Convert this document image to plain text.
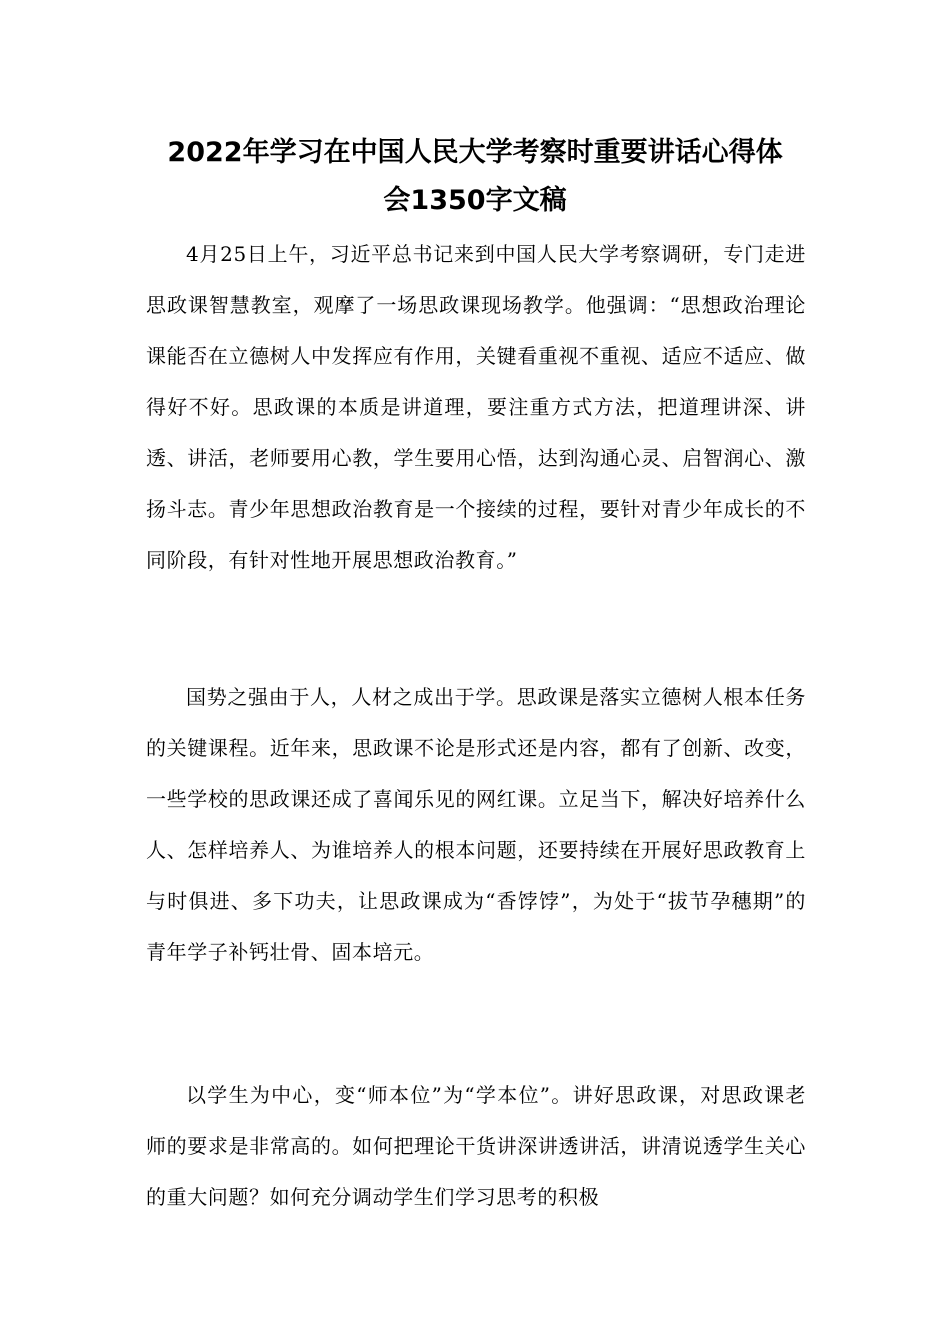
2022年学习在中国人民大学考察时重要讲话心得体
会1350字文稿

4月25日上午，习近平总书记来到中国人民大学考察调研，专门走进思政课智慧教室，观摩了一场思政课现场教学。他强调：“思想政治理论课能否在立德树人中发挥应有作用，关键看重视不重视、适应不适应、做得好不好。思政课的本质是讲道理，要注重方式方法，把道理讲深、讲透、讲活，老师要用心教，学生要用心悟，达到沟通心灵、启智润心、激扬斗志。青少年思想政治教育是一个接续的过程，要针对青少年成长的不同阶段，有针对性地开展思想政治教育。”

国势之强由于人，人材之成出于学。思政课是落实立德树人根本任务的关键课程。近年来，思政课不论是形式还是内容，都有了创新、改变，一些学校的思政课还成了喜闻乐见的网红课。立足当下，解决好培养什么人、怎样培养人、为谁培养人的根本问题，还要持续在开展好思政教育上与时俱进、多下功夫，让思政课成为“香饽饽”，为处于“拔节孕穗期”的青年学子补钙壮骨、固本培元。

以学生为中心，变“师本位”为“学本位”。讲好思政课，对思政课老师的要求是非常高的。如何把理论干货讲深讲透讲活，讲清说透学生关心的重大问题？如何充分调动学生们学习思考的积极
